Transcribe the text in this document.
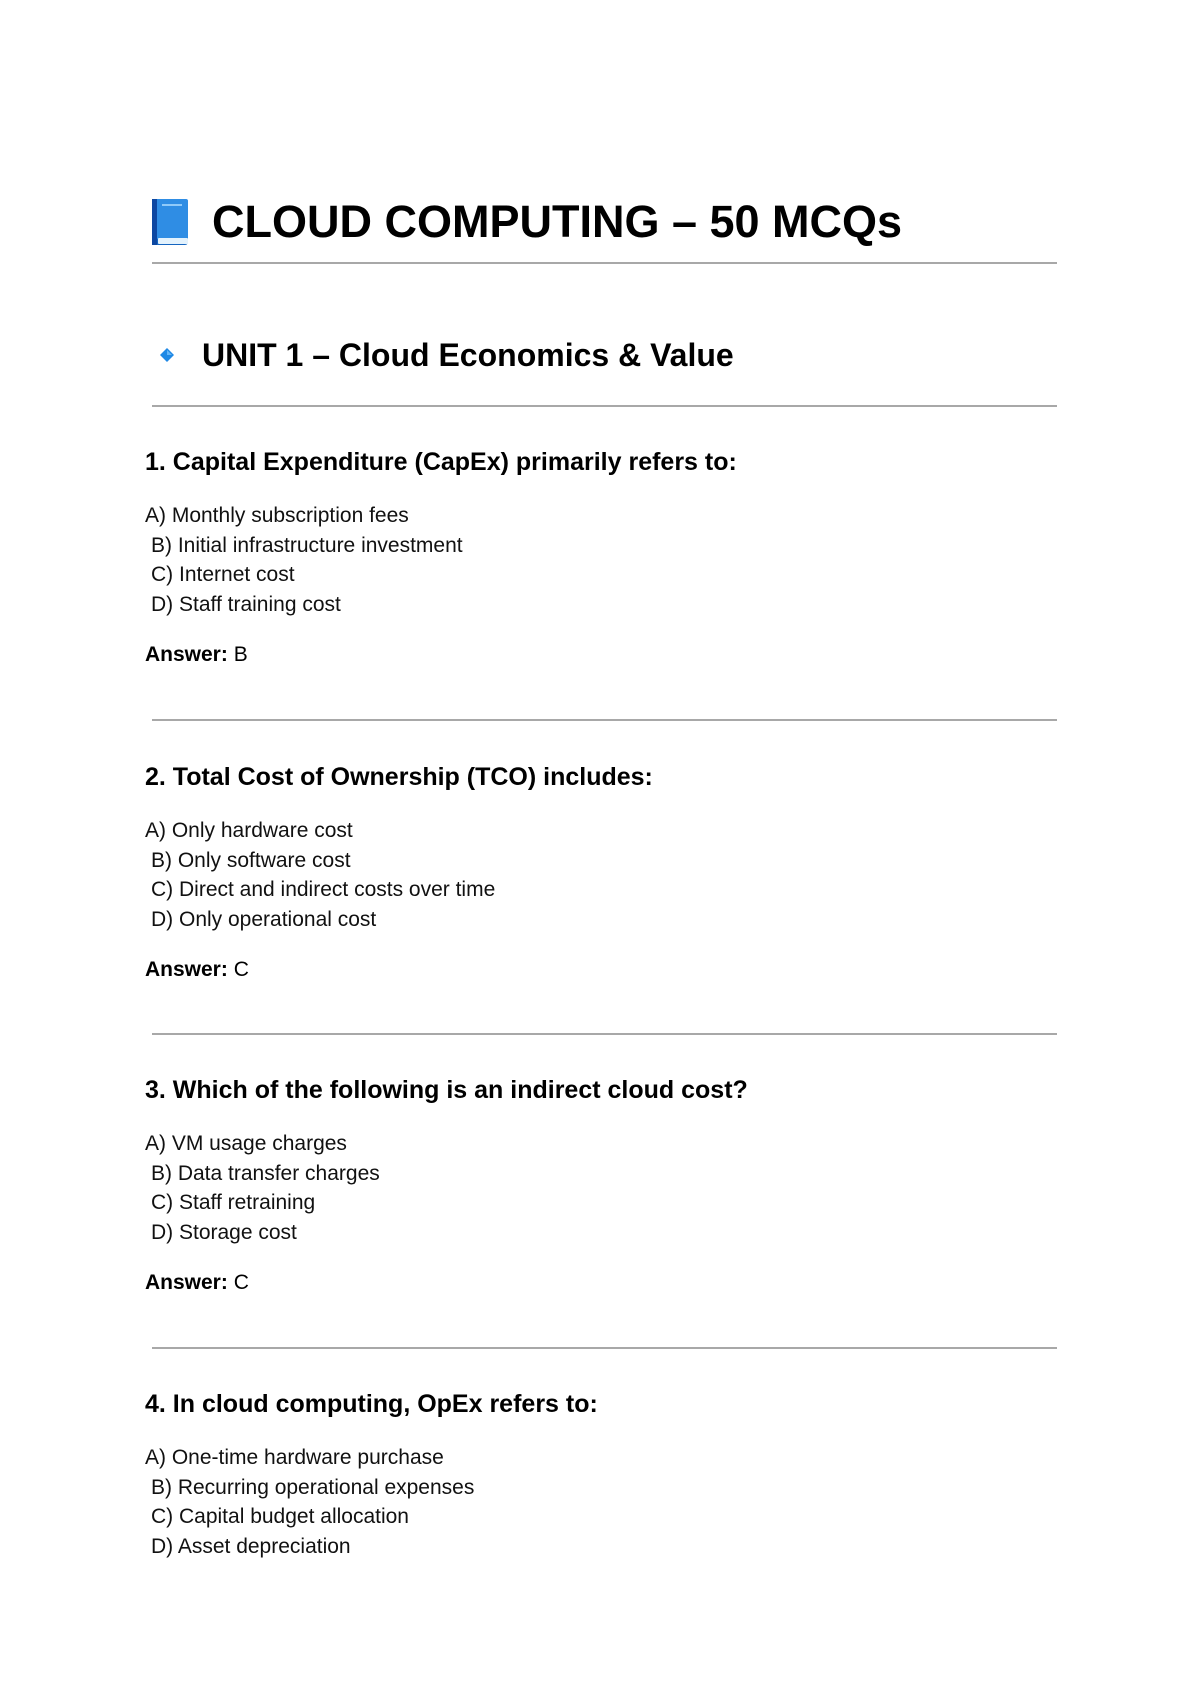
CLOUD COMPUTING – 50 MCQs
UNIT 1 – Cloud Economics & Value
1. Capital Expenditure (CapEx) primarily refers to:
A) Monthly subscription fees
B) Initial infrastructure investment
C) Internet cost
D) Staff training cost
Answer: B
2. Total Cost of Ownership (TCO) includes:
A) Only hardware cost
B) Only software cost
C) Direct and indirect costs over time
D) Only operational cost
Answer: C
3. Which of the following is an indirect cloud cost?
A) VM usage charges
B) Data transfer charges
C) Staff retraining
D) Storage cost
Answer: C
4. In cloud computing, OpEx refers to:
A) One-time hardware purchase
B) Recurring operational expenses
C) Capital budget allocation
D) Asset depreciation
